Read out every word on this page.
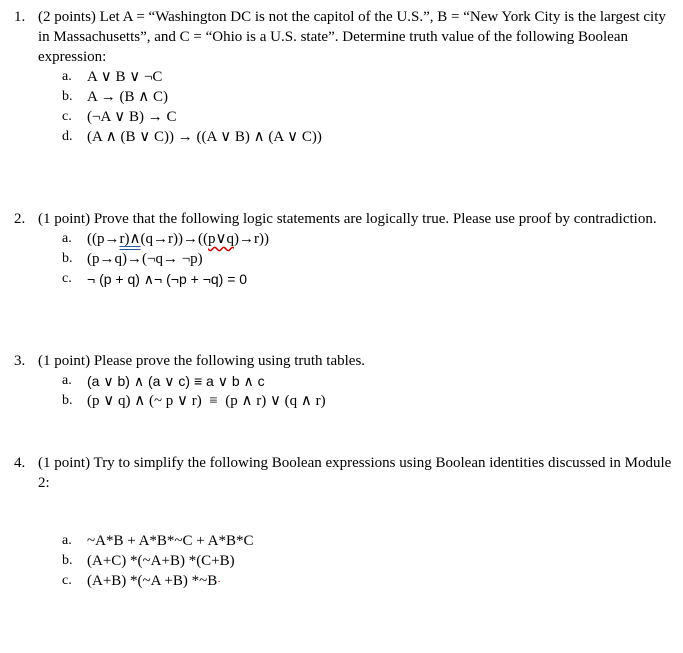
1. (2 points) Let A = “Washington DC is not the capitol of the U.S.”, B = “New York City is the largest city in Massachusetts”, and C = “Ohio is a U.S. state”. Determine truth value of the following Boolean expression:
a.	A ∨ B ∨ ¬C
b. A → (B ∧ C)
c.	(¬A ∨ B) → C
d. (A ∧ (B ∨ C)) → ((A ∨ B) ∧ (A ∨ C))
2. (1 point) Prove that the following logic statements are logically true. Please use proof by contradiction.
a.	((p→r)∧(q→r))→((p∨q)→r))
b. (p→q)→(¬q→ ¬p)
c.	¬ (p + q) ∧¬ (¬p + ¬q) = 0
3. (1 point) Please prove the following using truth tables.
a.	(a ∨ b) ∧ (a ∨ c) ≡ a ∨ b ∧ c
b. (p ∨ q) ∧ (~ p ∨ r)  ≡  (p ∧ r) ∨ (q ∧ r)
4. (1 point) Try to simplify the following Boolean expressions using Boolean identities discussed in Module 2:
a.	~A*B + A*B*~C + A*B*C
b. (A+C) *(~A+B) *(C+B)
c.	(A+B) *(~A +B) *~B·
